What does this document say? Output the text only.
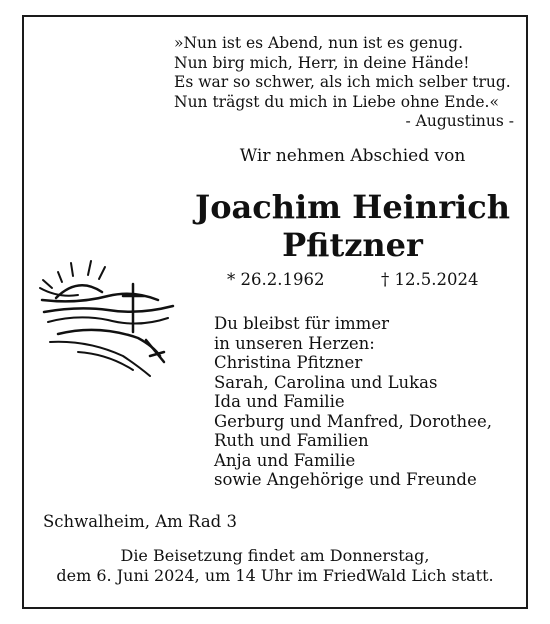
»Nun ist es Abend, nun ist es genug.
Nun birg mich, Herr, in deine Hände!
Es war so schwer, als ich mich selber trug.
Nun trägst du mich in Liebe ohne Ende.«
- Augustinus -
Wir nehmen Abschied von
Joachim Heinrich
Pfitzner
* 26.2.1962	† 12.5.2024
Du bleibst für immer
in unseren Herzen:
Christina Pfitzner
Sarah, Carolina und Lukas
Ida und Familie
Gerburg und Manfred, Dorothee,
Ruth und Familien
Anja und Familie
sowie Angehörige und Freunde
Schwalheim, Am Rad 3
Die Beisetzung findet am Donnerstag,
dem 6. Juni 2024, um 14 Uhr im FriedWald Lich statt.
